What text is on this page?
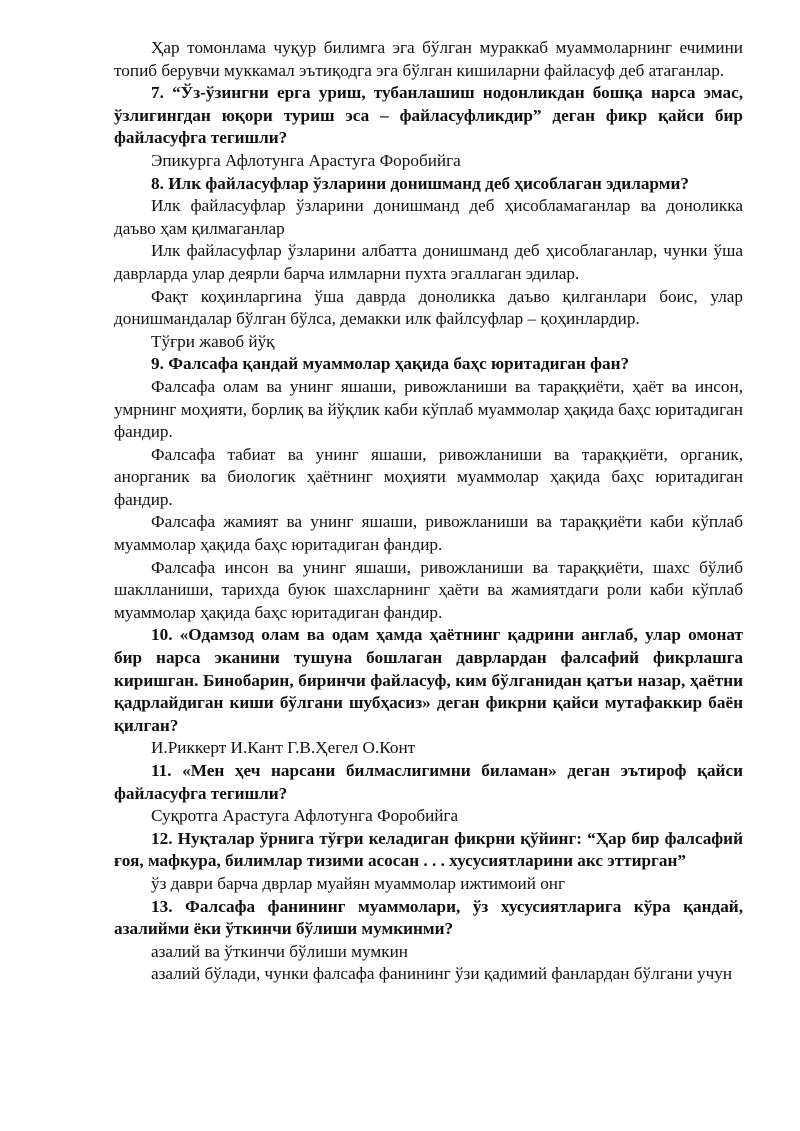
Ҳар томонлама чуқур билимга эга бўлган мураккаб муаммоларнинг ечимини топиб берувчи муккамал эътиқодга эга бўлган кишиларни файласуф деб атаганлар.

7. “Ўз-ўзингни ерга уриш, тубанлашиш нодонликдан бошқа нарса эмас, ўзлигингдан юқори туриш эса – файласуфликдир” деган фикр қайси бир файласуфга тегишли?

Эпикурга Афлотунга Арастуга Форобийга

8. Илк файласуфлар ўзларини донишманд деб ҳисоблаган эдиларми?

Илк файласуфлар ўзларини донишманд деб ҳисобламаганлар ва доноликка даъво ҳам қилмаганлар

Илк файласуфлар ўзларини албатта донишманд деб ҳисоблаганлар, чунки ўша даврларда улар деярли барча илмларни пухта эгаллаган эдилар.

Фақт коҳинларгина ўша даврда доноликка даъво қилганлари боис, улар донишмандалар бўлган бўлса, демакки илк файлсуфлар – қоҳинлардир.

Тўғри жавоб йўқ

9. Фалсафа қандай муаммолар ҳақида баҳс юритадиган фан?

Фалсафа олам ва унинг яшаши, ривожланиши ва тараққиёти, ҳаёт ва инсон, умрнинг моҳияти, борлиқ ва йўқлик каби кўплаб муаммолар ҳақида баҳс юритадиган фандир.

Фалсафа табиат ва унинг яшаши, ривожланиши ва тараққиёти, органик, анорганик ва биологик ҳаётнинг моҳияти муаммолар ҳақида баҳс юритадиган фандир.

Фалсафа жамият ва унинг яшаши, ривожланиши ва тараққиёти каби кўплаб муаммолар ҳақида баҳс юритадиган фандир.

Фалсафа инсон ва унинг яшаши, ривожланиши ва тараққиёти, шахс бўлиб шаклланиши, тарихда буюк шахсларнинг ҳаёти ва жамиятдаги роли каби кўплаб муаммолар ҳақида баҳс юритадиган фандир.

10. «Одамзод олам ва одам ҳамда ҳаётнинг қадрини англаб, улар омонат бир нарса эканини тушуна бошлаган даврлардан фалсафий фикрлашга киришган. Бинобарин, биринчи файласуф, ким бўлганидан қатъи назар, ҳаётни қадрлайдиган киши бўлгани шубҳасиз» деган фикрни қайси мутафаккир баён қилган?

И.Риккерт И.Кант Г.В.Ҳегел О.Конт

11. «Мен ҳеч нарсани билмаслигимни биламан» деган эътироф қайси файласуфга тегишли?

Суқротга Арастуга Афлотунга Форобийга

12. Нуқталар ўрнига тўғри келадиган фикрни қўйинг: “Ҳар бир фалсафий ғоя, мафкура, билимлар тизими асосан . . . хусусиятларини акс эттирган”

ўз даври барча дврлар муайян муаммолар ижтимоий онг

13. Фалсафа фанининг муаммолари, ўз хусусиятларига кўра қандай, азалийми ёки ўткинчи бўлиши мумкинми?

азалий ва ўткинчи бўлиши мумкин

азалий бўлади, чунки фалсафа фанининг ўзи қадимий фанлардан бўлгани учун
